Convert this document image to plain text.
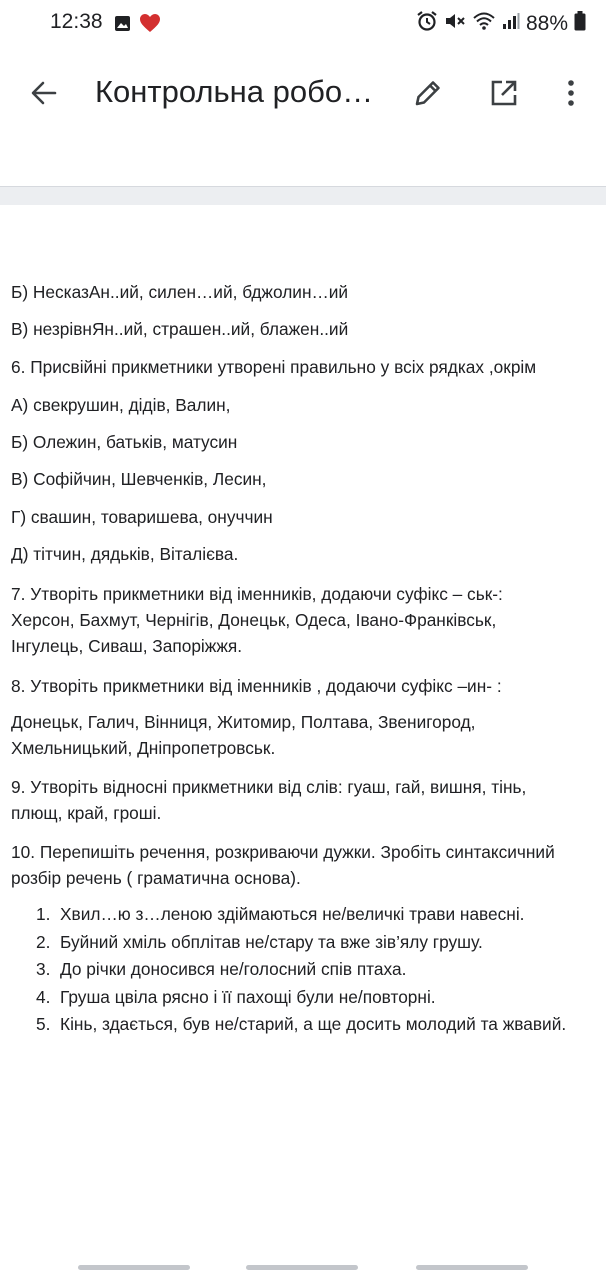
12:38	88%
Контрольна робо…
Б) НесказАн..ий, силен…ий, бджолин…ий
В) незрівнЯн..ий, страшен..ий, блажен..ий
6. Присвійні прикметники утворені правильно у всіх рядках ,окрім
А) свекрушин, дідів, Валин,
Б) Олежин, батьків, матусин
В) Софійчин, Шевченків, Лесин,
Г) свашин, товаришева, онуччин
Д) тітчин, дядьків, Віталієва.
7. Утворіть прикметники від іменників, додаючи суфікс – ськ-:
Херсон, Бахмут, Чернігів, Донецьк, Одеса, Івано-Франківськ,
Інгулець, Сиваш, Запоріжжя.
8. Утворіть прикметники від іменників , додаючи суфікс –ин- :
Донецьк, Галич, Вінниця, Житомир, Полтава, Звенигород,
Хмельницький, Дніпропетровськ.
9. Утворіть відносні прикметники від слів: гуаш, гай, вишня, тінь,
плющ, край, гроші.
10. Перепишіть речення, розкриваючи дужки. Зробіть синтаксичний
розбір речень ( граматична основа).
1. Хвил…ю з…леною здіймаються не/величкі трави навесні.
2. Буйний хміль обплітав не/стару та вже зів’ялу грушу.
3. До річки доносився не/голосний спів птаха.
4. Груша цвіла рясно і її пахощі були не/повторні.
5. Кінь, здається, був не/старий, а ще досить молодий та жвавий.
